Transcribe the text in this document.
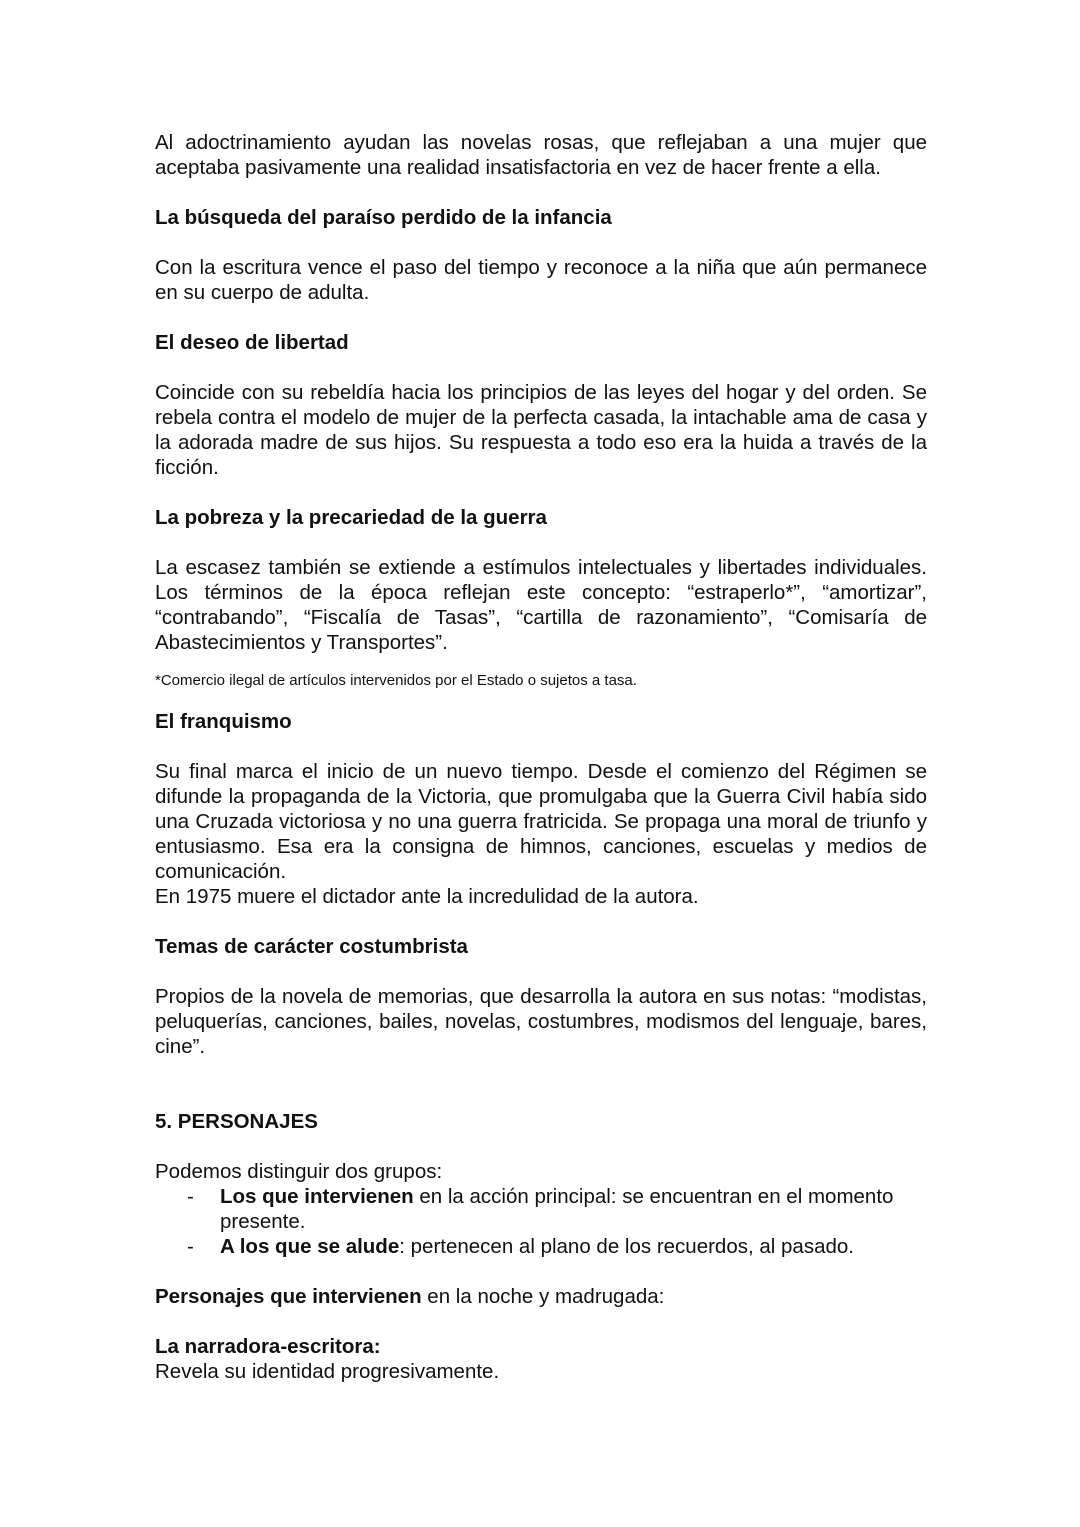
Al adoctrinamiento ayudan las novelas rosas, que reflejaban a una mujer que aceptaba pasivamente una realidad insatisfactoria en vez de hacer frente a ella.

La búsqueda del paraíso perdido de la infancia

Con la escritura vence el paso del tiempo y reconoce a la niña que aún permanece en su cuerpo de adulta.

El deseo de libertad

Coincide con su rebeldía hacia los principios de las leyes del hogar y del orden. Se rebela contra el modelo de mujer de la perfecta casada, la intachable ama de casa y la adorada madre de sus hijos. Su respuesta a todo eso era la huida a través de la ficción.

La pobreza y la precariedad de la guerra

La escasez también se extiende a estímulos intelectuales y libertades individuales. Los términos de la época reflejan este concepto: “estraperlo*”, “amortizar”, “contrabando”, “Fiscalía de Tasas”, “cartilla de razonamiento”, “Comisaría de Abastecimientos y Transportes”.

*Comercio ilegal de artículos intervenidos por el Estado o sujetos a tasa.

El franquismo

Su final marca el inicio de un nuevo tiempo. Desde el comienzo del Régimen se difunde la propaganda de la Victoria, que promulgaba que la Guerra Civil había sido una Cruzada victoriosa y no una guerra fratricida. Se propaga una moral de triunfo y entusiasmo. Esa era la consigna de himnos, canciones, escuelas y medios de comunicación.

En 1975 muere el dictador ante la incredulidad de la autora.

Temas de carácter costumbrista

Propios de la novela de memorias, que desarrolla la autora en sus notas: “modistas, peluquerías, canciones, bailes, novelas, costumbres, modismos del lenguaje, bares, cine”.

5. PERSONAJES

Podemos distinguir dos grupos:

- Los que intervienen en la acción principal: se encuentran en el momento presente.
- A los que se alude: pertenecen al plano de los recuerdos, al pasado.

Personajes que intervienen en la noche y madrugada:

La narradora-escritora:

Revela su identidad progresivamente.
